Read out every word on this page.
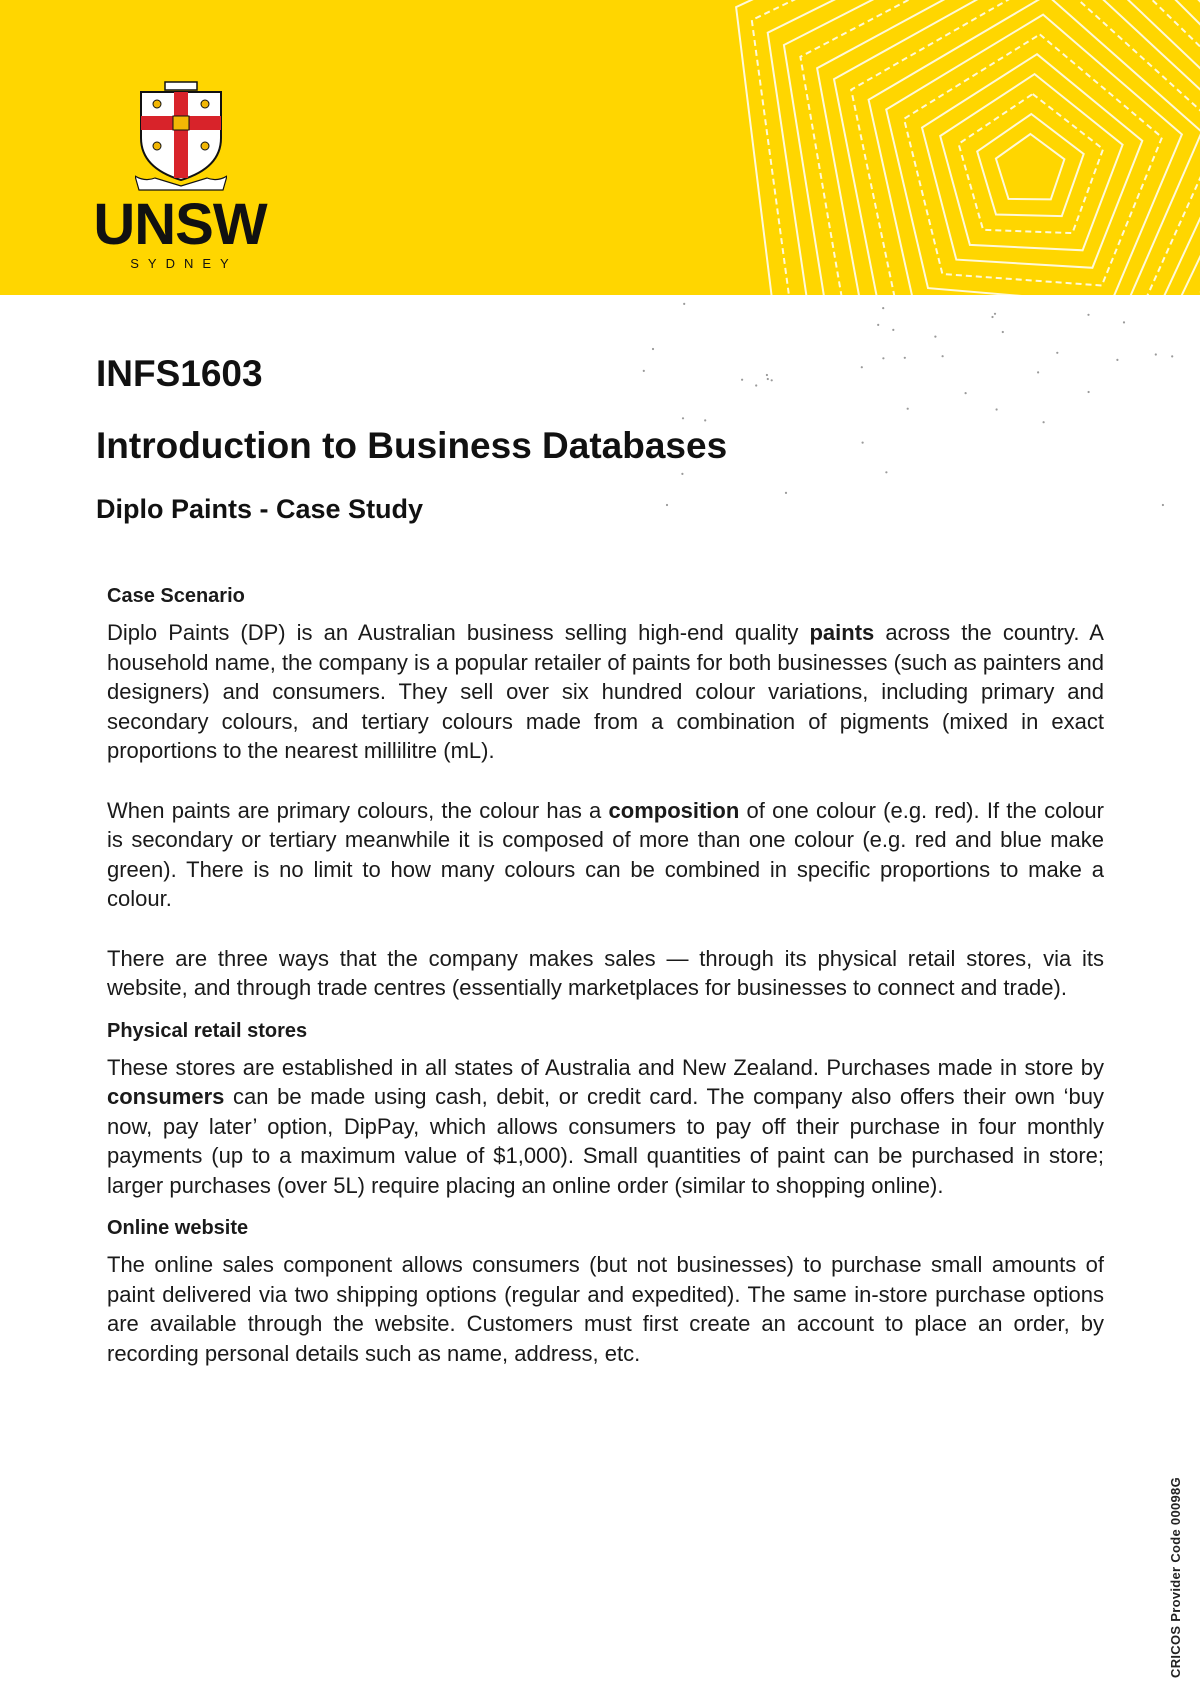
UNSW
SYDNEY
INFS1603
Introduction to Business Databases
Diplo Paints - Case Study
Case Scenario

Diplo Paints (DP) is an Australian business selling high-end quality paints across the country. A household name, the company is a popular retailer of paints for both businesses (such as painters and designers) and consumers. They sell over six hundred colour variations, including primary and secondary colours, and tertiary colours made from a combination of pigments (mixed in exact proportions to the nearest millilitre (mL).

When paints are primary colours, the colour has a composition of one colour (e.g. red). If the colour is secondary or tertiary meanwhile it is composed of more than one colour (e.g. red and blue make green). There is no limit to how many colours can be combined in specific proportions to make a colour.

There are three ways that the company makes sales — through its physical retail stores, via its website, and through trade centres (essentially marketplaces for businesses to connect and trade).

Physical retail stores

These stores are established in all states of Australia and New Zealand. Purchases made in store by consumers can be made using cash, debit, or credit card. The company also offers their own ‘buy now, pay later’ option, DipPay, which allows consumers to pay off their purchase in four monthly payments (up to a maximum value of $1,000). Small quantities of paint can be purchased in store; larger purchases (over 5L) require placing an online order (similar to shopping online).

Online website

The online sales component allows consumers (but not businesses) to purchase small amounts of paint delivered via two shipping options (regular and expedited). The same in-store purchase options are available through the website. Customers must first create an account to place an order, by recording personal details such as name, address, etc.

CRICOS Provider Code 00098G
